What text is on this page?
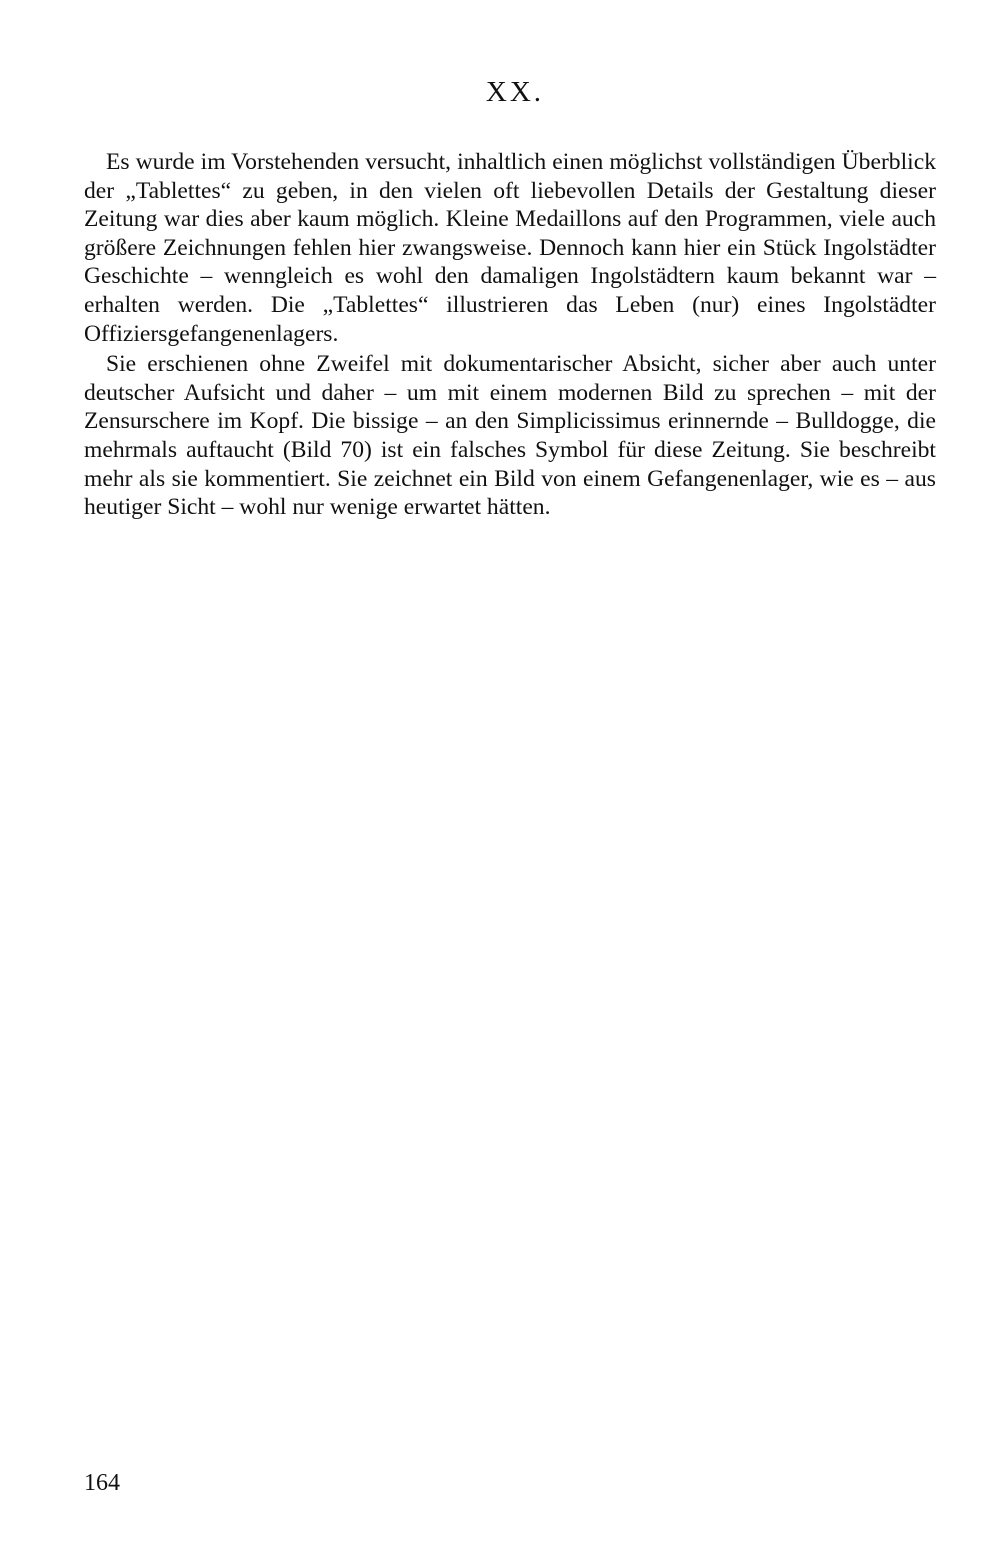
XX.

Es wurde im Vorstehenden versucht, inhaltlich einen möglichst vollständigen Überblick der „Tablettes“ zu geben, in den vielen oft liebevollen Details der Gestaltung dieser Zeitung war dies aber kaum möglich. Kleine Medaillons auf den Programmen, viele auch größere Zeichnungen fehlen hier zwangsweise. Dennoch kann hier ein Stück Ingolstädter Geschichte – wenngleich es wohl den damaligen Ingolstädtern kaum bekannt war – erhalten werden. Die „Tablettes“ illustrieren das Leben (nur) eines Ingolstädter Offiziersgefangenenlagers.

Sie erschienen ohne Zweifel mit dokumentarischer Absicht, sicher aber auch unter deutscher Aufsicht und daher – um mit einem modernen Bild zu sprechen – mit der Zensurschere im Kopf. Die bissige – an den Simplicissimus erinnernde – Bulldogge, die mehrmals auftaucht (Bild 70) ist ein falsches Symbol für diese Zeitung. Sie beschreibt mehr als sie kommentiert. Sie zeichnet ein Bild von einem Gefangenenlager, wie es – aus heutiger Sicht – wohl nur wenige erwartet hätten.

164
